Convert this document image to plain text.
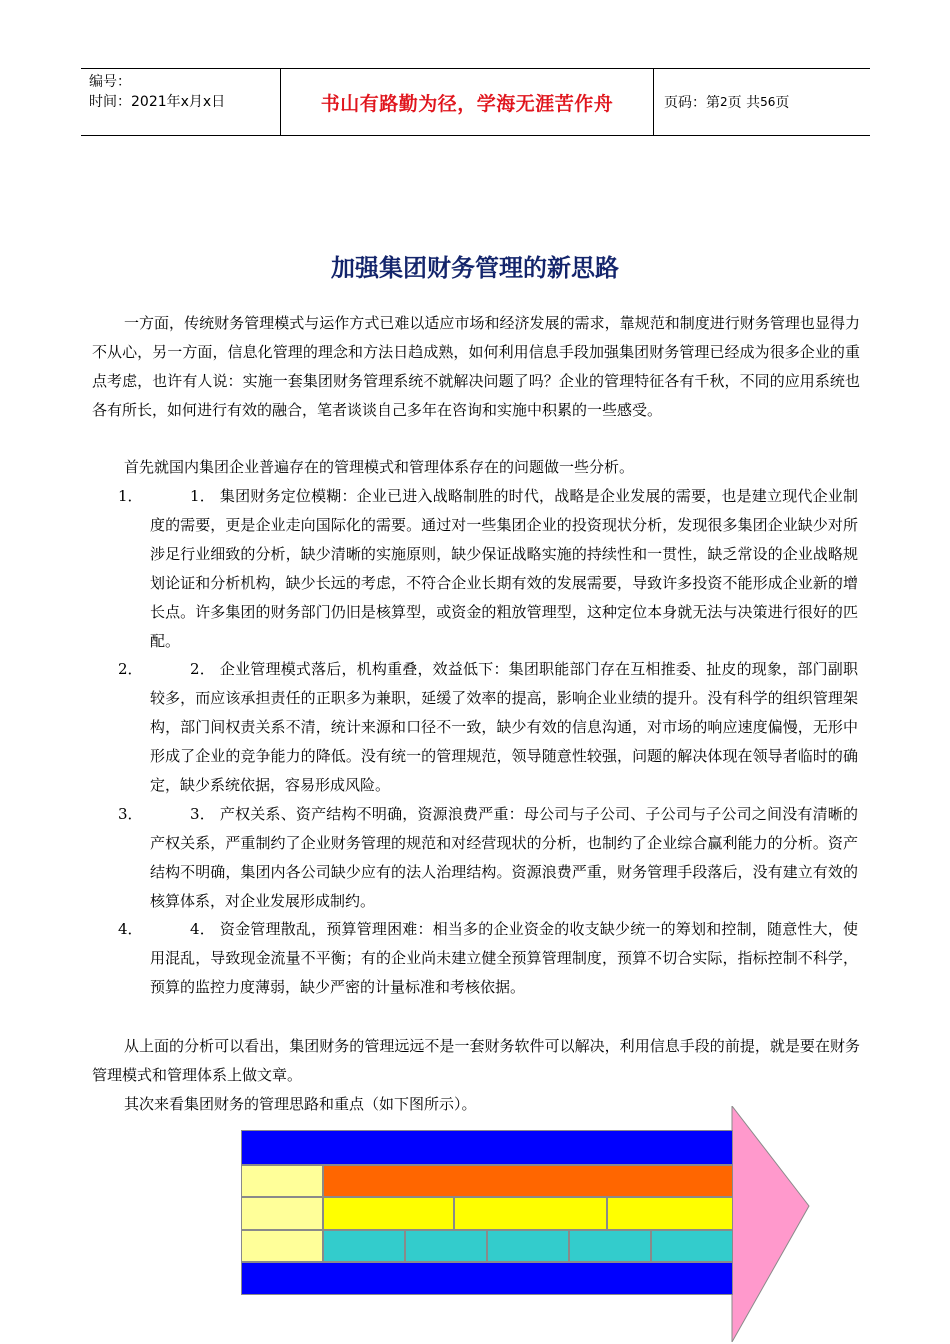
编号：
时间：2021年x月x日	书山有路勤为径，学海无涯苦作舟	页码：第 2 页 共 56 页
加强集团财务管理的新思路
一方面，传统财务管理模式与运作方式已难以适应市场和经济发展的需求，靠规范和制度进行财务管理也显得力不从心，另一方面，信息化管理的理念和方法日趋成熟，如何利用信息手段加强集团财务管理已经成为很多企业的重点考虑，也许有人说：实施一套集团财务管理系统不就解决问题了吗？企业的管理特征各有千秋，不同的应用系统也各有所长，如何进行有效的融合，笔者谈谈自己多年在咨询和实施中积累的一些感受。
首先就国内集团企业普遍存在的管理模式和管理体系存在的问题做一些分析。
1．	1． 集团财务定位模糊：企业已进入战略制胜的时代，战略是企业发展的需要，也是建立现代企业制度的需要，更是企业走向国际化的需要。通过对一些集团企业的投资现状分析，发现很多集团企业缺少对所涉足行业细致的分析，缺少清晰的实施原则，缺少保证战略实施的持续性和一贯性，缺乏常设的企业战略规划论证和分析机构，缺少长远的考虑，不符合企业长期有效的发展需要，导致许多投资不能形成企业新的增长点。许多集团的财务部门仍旧是核算型，或资金的粗放管理型，这种定位本身就无法与决策进行很好的匹配。
2．	2． 企业管理模式落后，机构重叠，效益低下：集团职能部门存在互相推委、扯皮的现象，部门副职较多，而应该承担责任的正职多为兼职，延缓了效率的提高，影响企业业绩的提升。没有科学的组织管理架构，部门间权责关系不清，统计来源和口径不一致，缺少有效的信息沟通，对市场的响应速度偏慢，无形中形成了企业的竞争能力的降低。没有统一的管理规范，领导随意性较强，问题的解决体现在领导者临时的确定，缺少系统依据，容易形成风险。
3．	3． 产权关系、资产结构不明确，资源浪费严重：母公司与子公司、子公司与子公司之间没有清晰的产权关系，严重制约了企业财务管理的规范和对经营现状的分析，也制约了企业综合赢利能力的分析。资产结构不明确，集团内各公司缺少应有的法人治理结构。资源浪费严重，财务管理手段落后，没有建立有效的核算体系，对企业发展形成制约。
4．	4． 资金管理散乱，预算管理困难：相当多的企业资金的收支缺少统一的筹划和控制，随意性大，使用混乱，导致现金流量不平衡；有的企业尚未建立健全预算管理制度，预算不切合实际，指标控制不科学，预算的监控力度薄弱，缺少严密的计量标准和考核依据。
从上面的分析可以看出，集团财务的管理远远不是一套财务软件可以解决，利用信息手段的前提，就是要在财务管理模式和管理体系上做文章。
其次来看集团财务的管理思路和重点（如下图所示）。
